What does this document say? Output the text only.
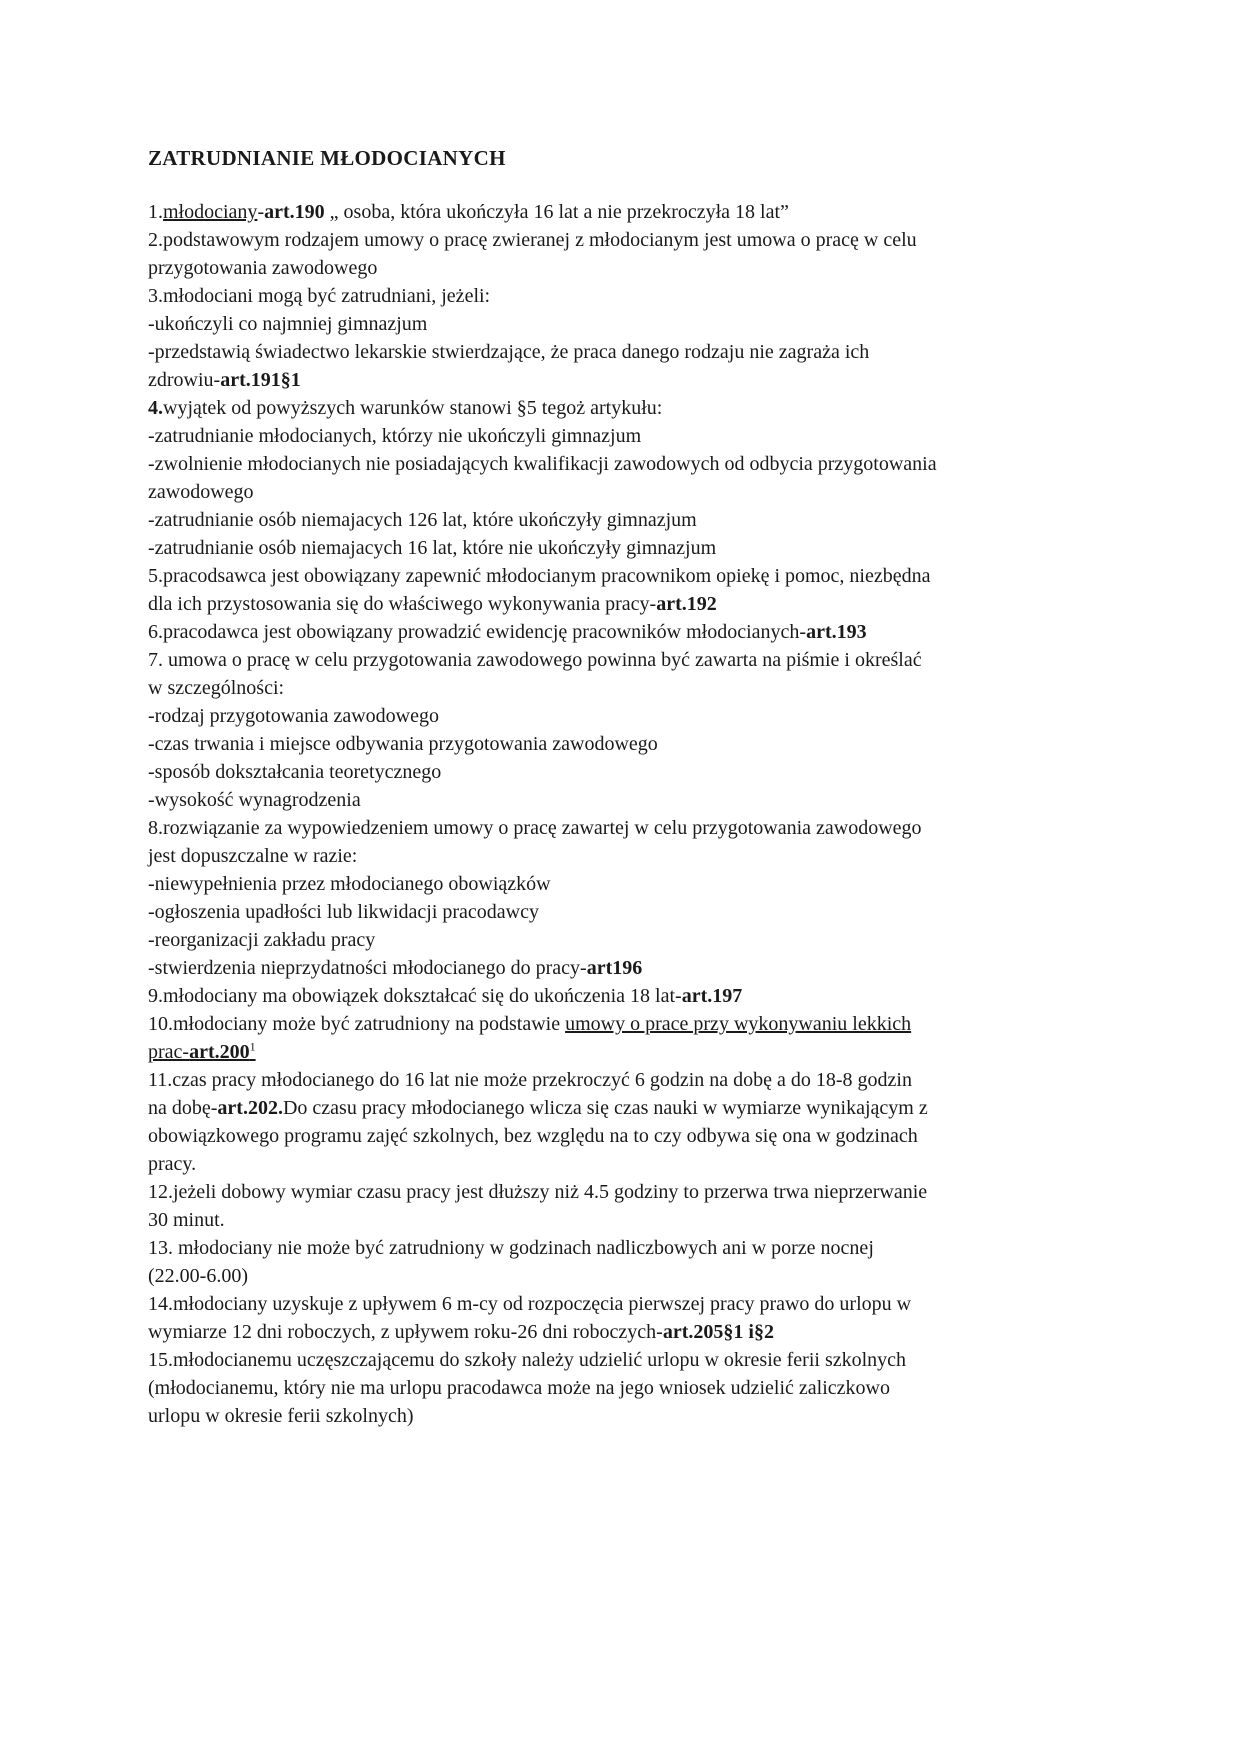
ZATRUDNIANIE MŁODOCIANYCH

1.młodociany-art.190 „ osoba, która ukończyła 16 lat a nie przekroczyła 18 lat”

2.podstawowym rodzajem umowy o pracę zwieranej z młodocianym jest umowa o pracę w celu

przygotowania zawodowego

3.młodociani mogą być zatrudniani, jeżeli:

-ukończyli co najmniej gimnazjum

-przedstawią świadectwo lekarskie stwierdzające, że praca danego rodzaju nie zagraża ich

zdrowiu-art.191§1

4.wyjątek od powyższych warunków stanowi §5 tegoż artykułu:

-zatrudnianie młodocianych, którzy nie ukończyli gimnazjum

-zwolnienie młodocianych nie posiadających kwalifikacji zawodowych od odbycia przygotowania

zawodowego

-zatrudnianie osób niemajacych 126 lat, które ukończyły gimnazjum

-zatrudnianie osób niemajacych 16 lat, które nie ukończyły gimnazjum

5.pracodsawca jest obowiązany zapewnić młodocianym pracownikom opiekę i pomoc, niezbędna

dla ich przystosowania się do właściwego wykonywania pracy-art.192

6.pracodawca jest obowiązany prowadzić ewidencję pracowników młodocianych-art.193

7. umowa o pracę w celu przygotowania zawodowego powinna być zawarta na piśmie i określać

w szczególności:

-rodzaj przygotowania zawodowego

-czas trwania i miejsce odbywania przygotowania zawodowego

-sposób dokształcania teoretycznego

-wysokość wynagrodzenia

8.rozwiązanie za wypowiedzeniem umowy o pracę zawartej w celu przygotowania zawodowego

jest dopuszczalne w razie:

-niewypełnienia przez młodocianego obowiązków

-ogłoszenia upadłości lub likwidacji pracodawcy

-reorganizacji zakładu pracy

-stwierdzenia nieprzydatności młodocianego do pracy-art196

9.młodociany ma obowiązek dokształcać się do ukończenia 18 lat-art.197

10.młodociany może być zatrudniony na podstawie umowy o prace przy wykonywaniu lekkich

prac-art.200$^1$

11.czas pracy młodocianego do 16 lat nie może przekroczyć 6 godzin na dobę a do 18-8 godzin

na dobę-art.202.Do czasu pracy młodocianego wlicza się czas nauki w wymiarze wynikającym z

obowiązkowego programu zajęć szkolnych, bez względu na to czy odbywa się ona w godzinach

pracy.

12.jeżeli dobowy wymiar czasu pracy jest dłuższy niż 4.5 godziny to przerwa trwa nieprzerwanie

30 minut.

13. młodociany nie może być zatrudniony w godzinach nadliczbowych ani w porze nocnej

(22.00-6.00)

14.młodociany uzyskuje z upływem 6 m-cy od rozpoczęcia pierwszej pracy prawo do urlopu w

wymiarze 12 dni roboczych, z upływem roku-26 dni roboczych-art.205§1 i§2

15.młodocianemu uczęszczającemu do szkoły należy udzielić urlopu w okresie ferii szkolnych

(młodocianemu, który nie ma urlopu pracodawca może na jego wniosek udzielić zaliczkowo

urlopu w okresie ferii szkolnych)
